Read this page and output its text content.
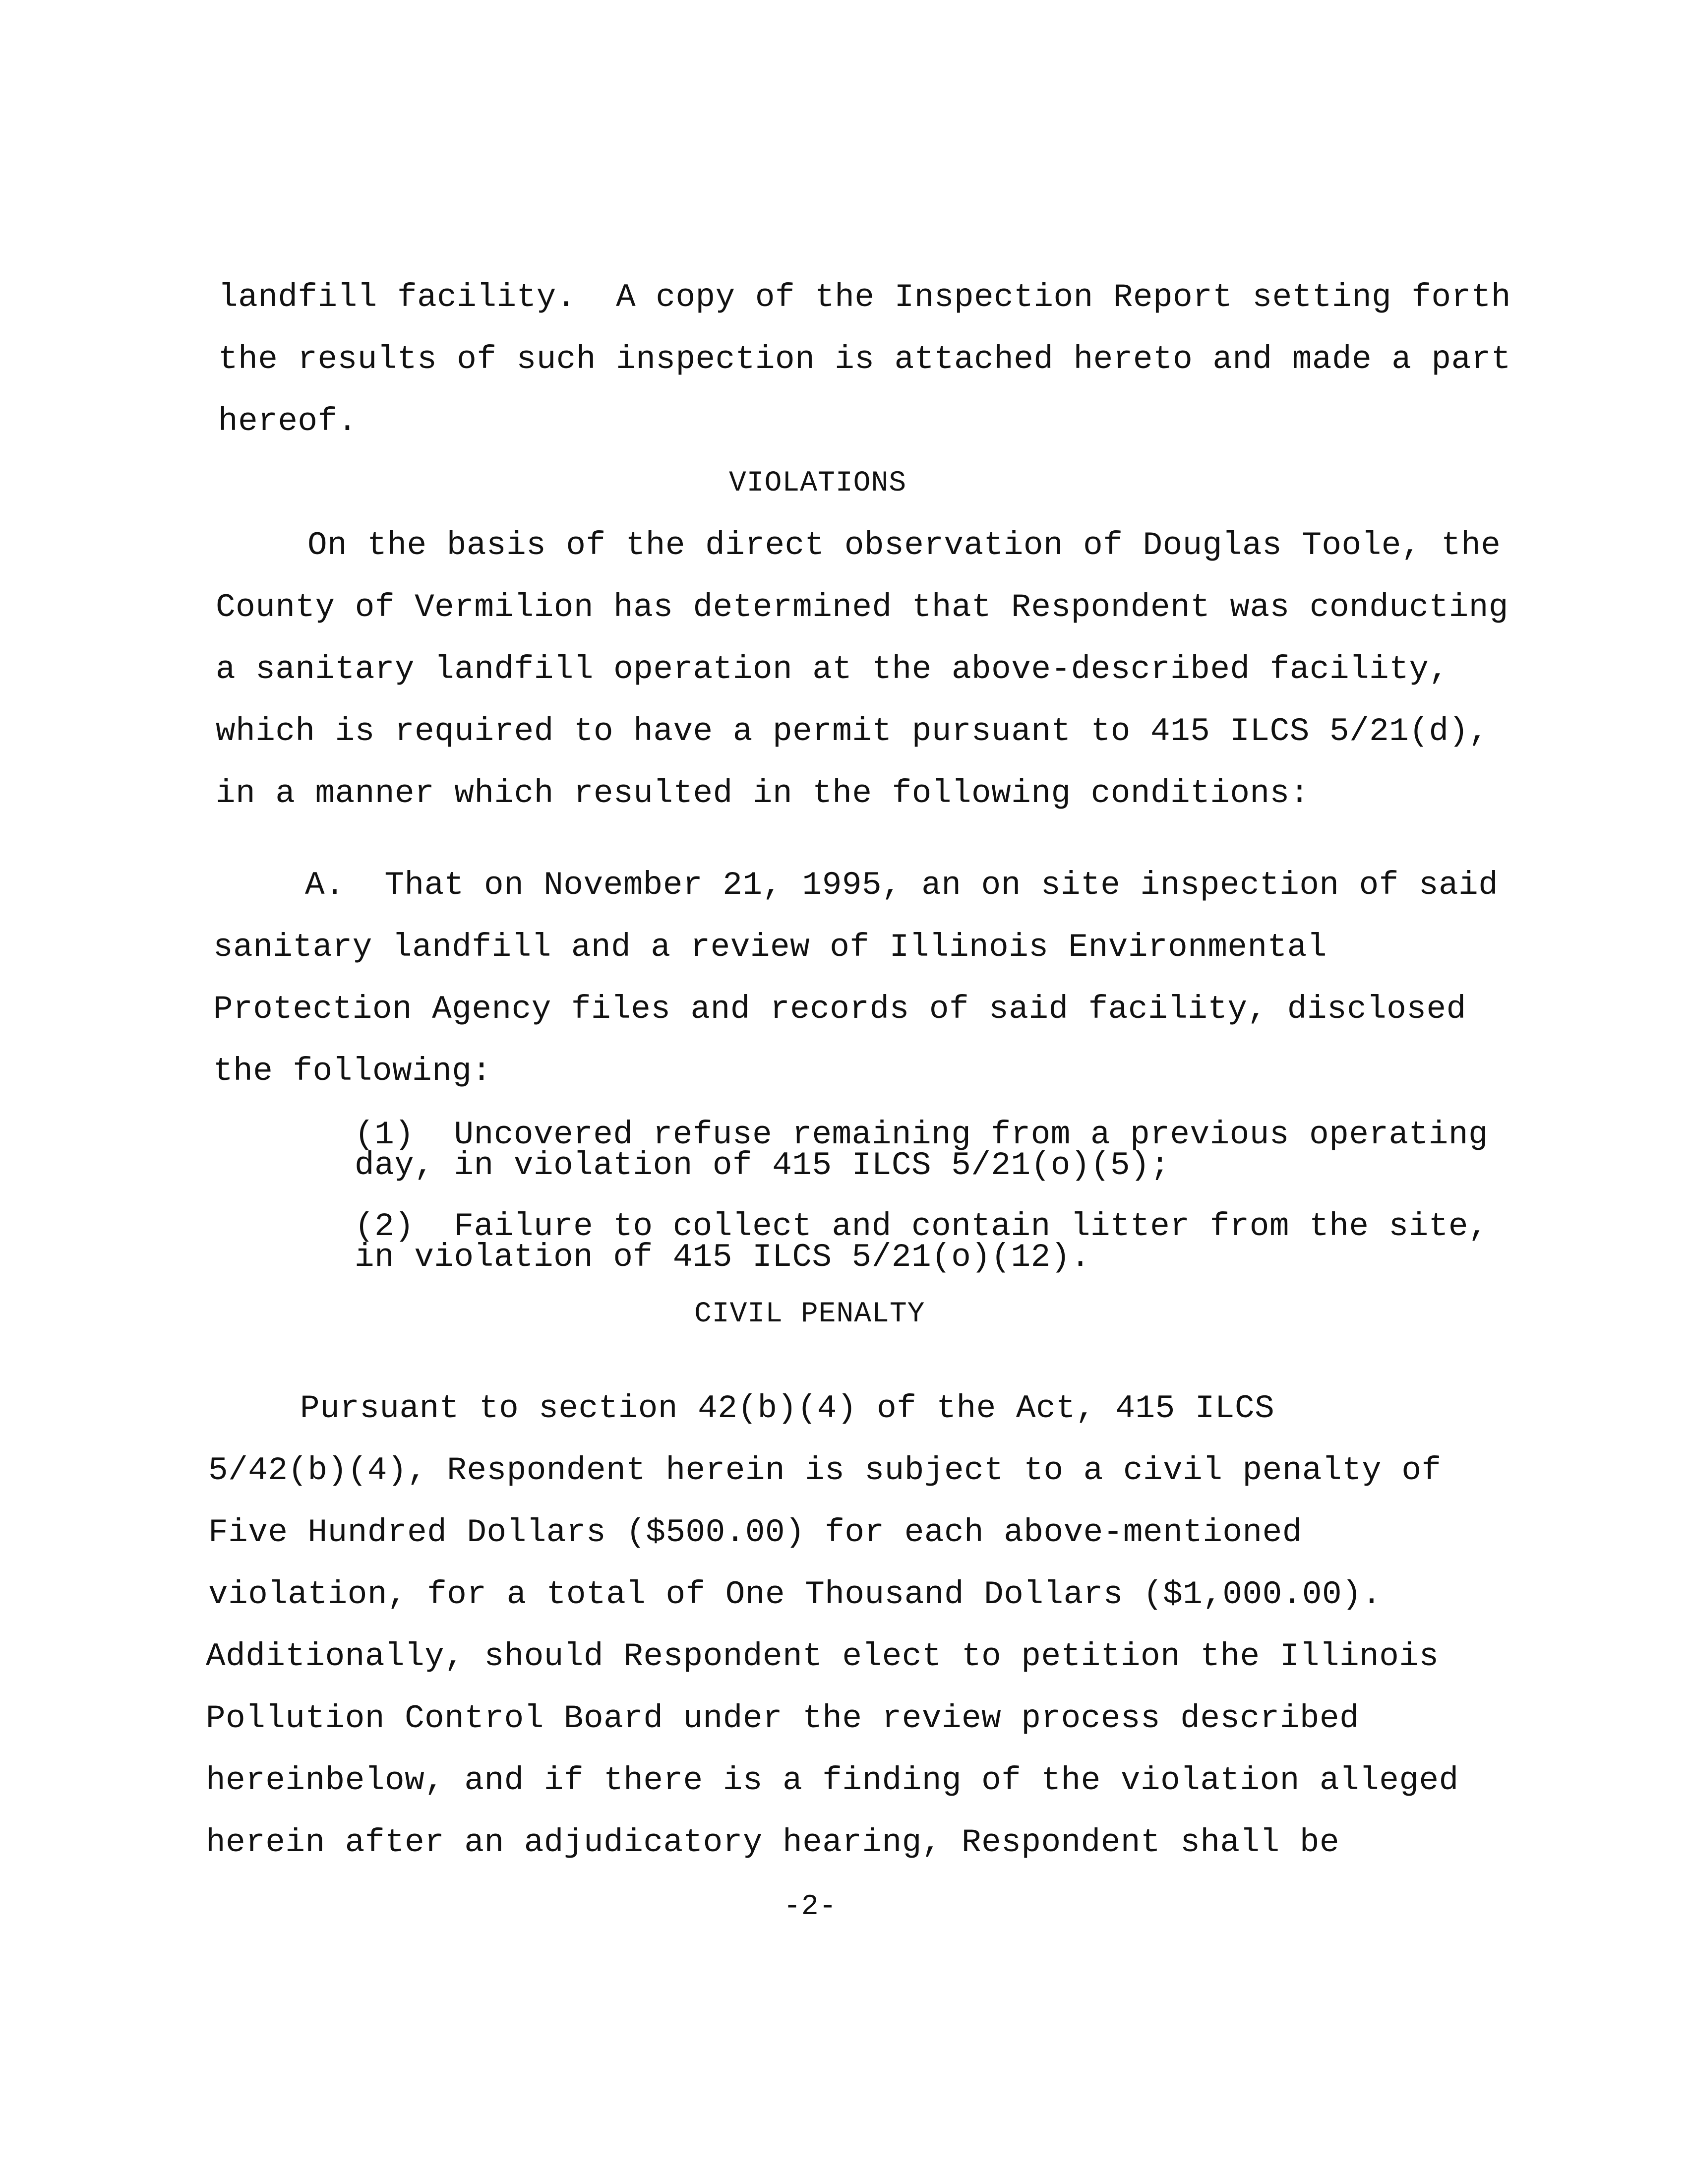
landfill facility.  A copy of the Inspection Report setting forth
the results of such inspection is attached hereto and made a part
hereof.
VIOLATIONS
On the basis of the direct observation of Douglas Toole, the
County of Vermilion has determined that Respondent was conducting
a sanitary landfill operation at the above-described facility,
which is required to have a permit pursuant to 415 ILCS 5/21(d),
in a manner which resulted in the following conditions:
A.  That on November 21, 1995, an on site inspection of said
sanitary landfill and a review of Illinois Environmental
Protection Agency files and records of said facility, disclosed
the following:
(1)  Uncovered refuse remaining from a previous operating
day, in violation of 415 ILCS 5/21(o)(5);
(2)  Failure to collect and contain litter from the site,
in violation of 415 ILCS 5/21(o)(12).
CIVIL PENALTY
Pursuant to section 42(b)(4) of the Act, 415 ILCS
5/42(b)(4), Respondent herein is subject to a civil penalty of
Five Hundred Dollars ($500.00) for each above-mentioned
violation, for a total of One Thousand Dollars ($1,000.00).
Additionally, should Respondent elect to petition the Illinois
Pollution Control Board under the review process described
hereinbelow, and if there is a finding of the violation alleged
herein after an adjudicatory hearing, Respondent shall be
-2-
